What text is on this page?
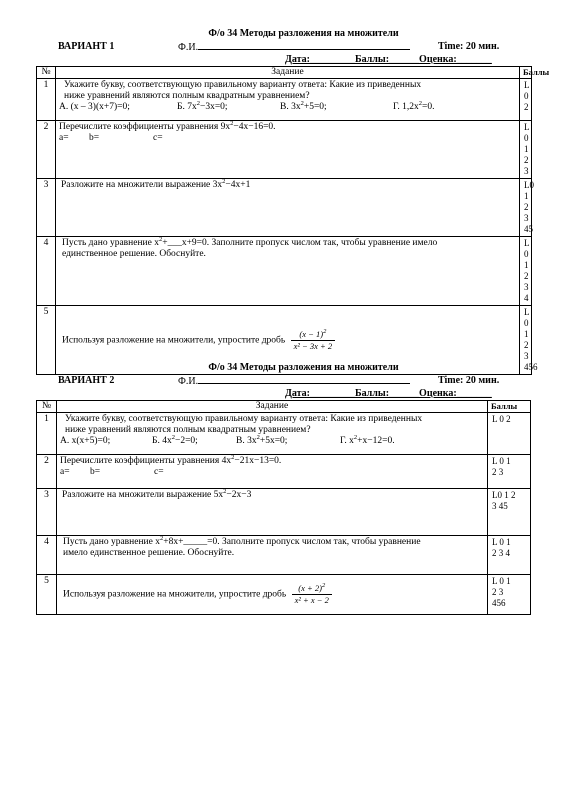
Ф/о 34 Методы разложения на множители
ВАРИАНТ 1	Ф.И.	Time: 20 мин.
Дата:_________Баллы:______Оценка:_______
№	Задание	Баллы
1	Укажите букву, соответствующую правильному варианту ответа: Какие из приведенных
ниже уравнений являются полным квадратным уравнением?
А. (x – 3)(x+7)=0; Б. $7x^2-3x=0$; В. $3x^2+5=0$; Г. $1,2x^2=0$.	L 0 2
2	Перечислите коэффициенты уравнения $9x^2-4x-16=0$.
a= b= c=	L 0 1
2 3
3	Разложите на множители выражение $3x^2-4x+1$	L0 1 2
3 45
4	Пусть дано уравнение $x^2+\_\_\_x+9=0$. Заполните пропуск числом так, чтобы уравнение имело
единственное решение. Обоснуйте.	L 0 1
2 3 4
5	Используя разложение на множители, упростите дробь $\frac{(x - 1)^2}{\text{x² − 3x + 2}}$	L 0 1
2 3
456
Ф/о 34 Методы разложения на множители
ВАРИАНТ 2	Ф.И.	Time: 20 мин.
Дата:_________Баллы:______Оценка:_______
№	Задание	Баллы
1	Укажите букву, соответствующую правильному варианту ответа: Какие из приведенных
ниже уравнений являются полным квадратным уравнением?
А. x(x+5)=0; Б. $4x^2-2=0$; В. $3x^2+5x=0$; Г. $x^2+x-12=0$.	L 0 2
2	Перечислите коэффициенты уравнения $4x^2-21x-13=0$.
a= b= c=	L 0 1
2 3
3	Разложите на множители выражение $5x^2-2x-3$	L0 1 2
3 45
4	Пусть дано уравнение $x^2+8x+\_\_\_\_\_=0$. Заполните пропуск числом так, чтобы уравнение
имело единственное решение. Обоснуйте.	L 0 1
2 3 4
5	Используя разложение на множители, упростите дробь $\frac{(x + 2)^2}{\text{x² + x − 2}}$	L 0 1
2 3
456
